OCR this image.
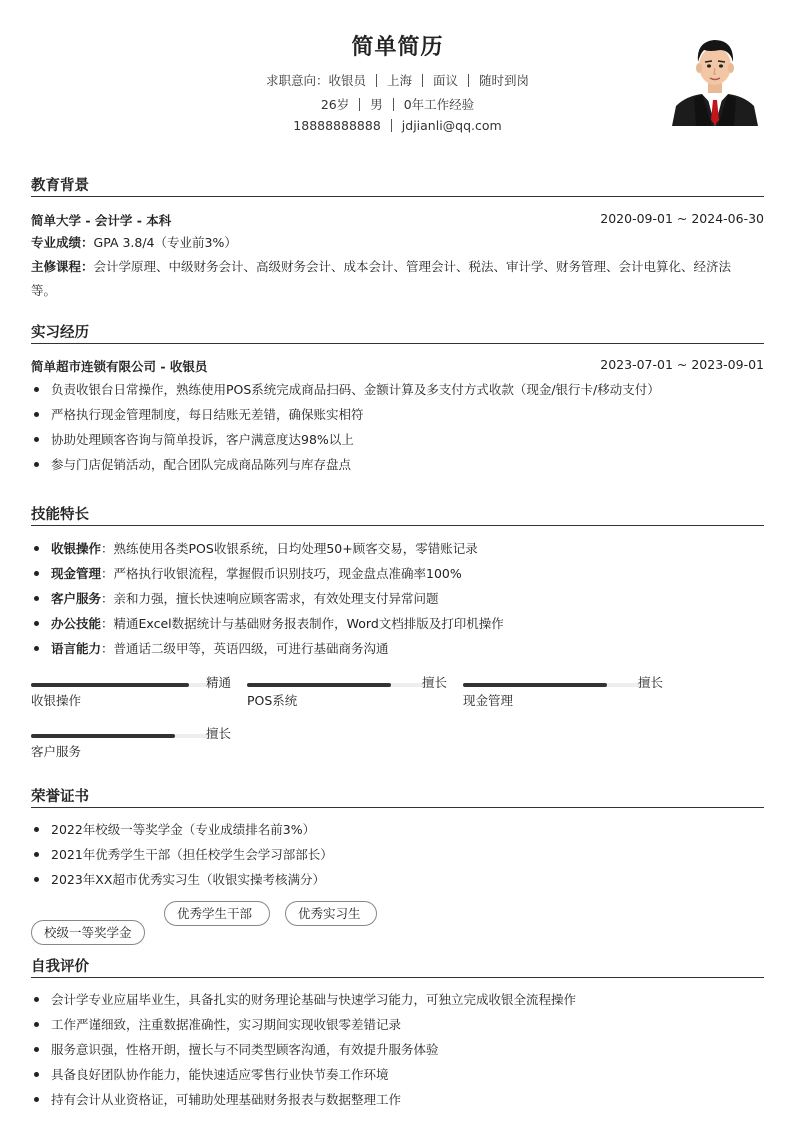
简单简历
求职意向：收银员 上海 面议 随时到岗
26岁 男 0年工作经验
18888888888 jdjianli@qq.com
教育背景
简单大学 - 会计学 - 本科	2020-09-01 ~ 2024-06-30
专业成绩：GPA 3.8/4（专业前3%）
主修课程：会计学原理、中级财务会计、高级财务会计、成本会计、管理会计、税法、审计学、财务管理、会计电算化、经济法
等。
实习经历
简单超市连锁有限公司 - 收银员	2023-07-01 ~ 2023-09-01
负责收银台日常操作，熟练使用POS系统完成商品扫码、金额计算及多支付方式收款（现金/银行卡/移动支付）
严格执行现金管理制度，每日结账无差错，确保账实相符
协助处理顾客咨询与简单投诉，客户满意度达98%以上
参与门店促销活动，配合团队完成商品陈列与库存盘点
技能特长
收银操作：熟练使用各类POS收银系统，日均处理50+顾客交易，零错账记录
现金管理：严格执行收银流程，掌握假币识别技巧，现金盘点准确率100%
客户服务：亲和力强，擅长快速响应顾客需求，有效处理支付异常问题
办公技能：精通Excel数据统计与基础财务报表制作，Word文档排版及打印机操作
语言能力：普通话二级甲等，英语四级，可进行基础商务沟通
精通
收银操作
擅长
POS系统
擅长
现金管理
擅长
客户服务
荣誉证书
2022年校级一等奖学金（专业成绩排名前3%）
2021年优秀学生干部（担任校学生会学习部部长）
2023年XX超市优秀实习生（收银实操考核满分）
校级一等奖学金
优秀学生干部	优秀实习生
自我评价
会计学专业应届毕业生，具备扎实的财务理论基础与快速学习能力，可独立完成收银全流程操作
工作严谨细致，注重数据准确性，实习期间实现收银零差错记录
服务意识强，性格开朗，擅长与不同类型顾客沟通，有效提升服务体验
具备良好团队协作能力，能快速适应零售行业快节奏工作环境
持有会计从业资格证，可辅助处理基础财务报表与数据整理工作
